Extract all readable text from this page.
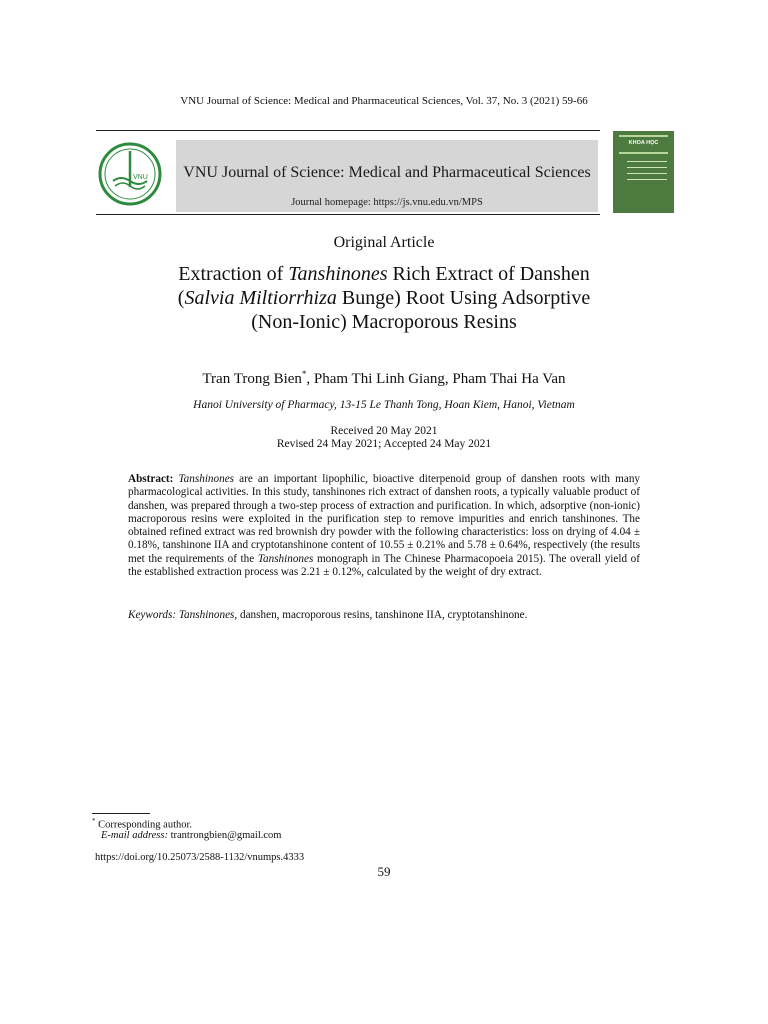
VNU Journal of Science: Medical and Pharmaceutical Sciences, Vol. 37, No. 3 (2021) 59-66
VNU	VNU Journal of Science: Medical and Pharmaceutical Sciences
Journal homepage: https://js.vnu.edu.vn/MPS
KHOA HỌC
Original Article
Extraction of Tanshinones Rich Extract of Danshen
(Salvia Miltiorrhiza Bunge) Root Using Adsorptive
(Non-Ionic) Macroporous Resins
Tran Trong Bien*, Pham Thi Linh Giang, Pham Thai Ha Van
Hanoi University of Pharmacy, 13-15 Le Thanh Tong, Hoan Kiem, Hanoi, Vietnam
Received 20 May 2021
Revised 24 May 2021; Accepted 24 May 2021
Abstract: Tanshinones are an important lipophilic, bioactive diterpenoid group of danshen roots with many pharmacological activities. In this study, tanshinones rich extract of danshen roots, a typically valuable product of danshen, was prepared through a two-step process of extraction and purification. In which, adsorptive (non-ionic) macroporous resins were exploited in the purification step to remove impurities and enrich tanshinones. The obtained refined extract was red brownish dry powder with the following characteristics: loss on drying of 4.04 ± 0.18%, tanshinone IIA and cryptotanshinone content of 10.55 ± 0.21% and 5.78 ± 0.64%, respectively (the results met the requirements of the Tanshinones monograph in The Chinese Pharmacopoeia 2015). The overall yield of the established extraction process was 2.21 ± 0.12%, calculated by the weight of dry extract.
Keywords: Tanshinones, danshen, macroporous resins, tanshinone IIA, cryptotanshinone.
* Corresponding author.
E-mail address: trantrongbien@gmail.com
https://doi.org/10.25073/2588-1132/vnumps.4333
59
